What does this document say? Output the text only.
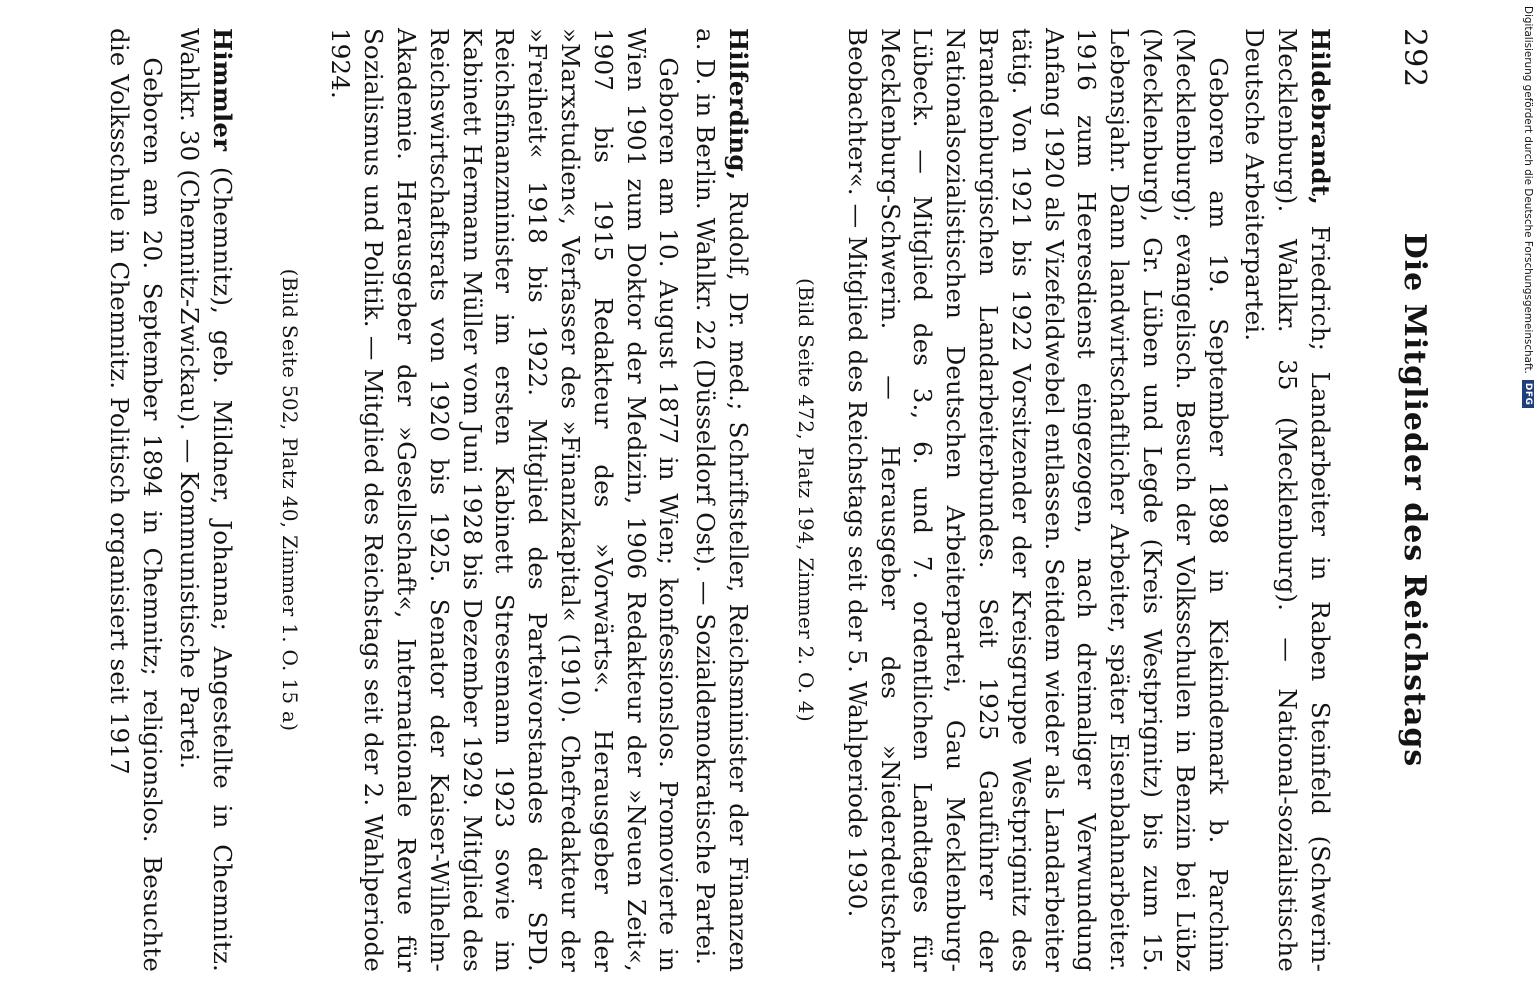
292
Die Mitglieder des Reichstags

Hildebrandt, Friedrich; Landarbeiter in Raben Steinfeld (Schwerin-Mecklenburg). Wahlkr. 35 (Mecklenburg). — National-sozialistische Deutsche Arbeiterpartei.

Geboren am 19. September 1898 in Kiekindemark b. Parchim (Mecklenburg); evangelisch. Besuch der Volksschulen in Benzin bei Lübz (Mecklenburg), Gr. Lüben und Legde (Kreis Westprignitz) bis zum 15. Lebensjahr. Dann landwirtschaftlicher Arbeiter, später Eisenbahnarbeiter. 1916 zum Heeresdienst eingezogen, nach dreimaliger Verwundung Anfang 1920 als Vizefeldwebel entlassen. Seitdem wieder als Landarbeiter tätig. Von 1921 bis 1922 Vorsitzender der Kreisgruppe Westprignitz des Brandenburgischen Landarbeiterbundes. Seit 1925 Gauführer der Nationalsozialistischen Deutschen Arbeiterpartei, Gau Mecklenburg-Lübeck. — Mitglied des 3., 6. und 7. ordentlichen Landtages für Mecklenburg-Schwerin. — Herausgeber des »Niederdeutscher Beobachter«. — Mitglied des Reichstags seit der 5. Wahlperiode 1930.

(Bild Seite 472, Platz 194, Zimmer 2. O. 4)

Hilferding, Rudolf, Dr. med.; Schriftsteller, Reichsminister der Finanzen a. D. in Berlin. Wahlkr. 22 (Düsseldorf Ost). — Sozialdemokratische Partei.

Geboren am 10. August 1877 in Wien; konfessionslos. Promovierte in Wien 1901 zum Doktor der Medizin, 1906 Redakteur der »Neuen Zeit«, 1907 bis 1915 Redakteur des »Vorwärts«. Herausgeber der »Marxstudien«, Verfasser des »Finanzkapital« (1910). Chefredakteur der »Freiheit« 1918 bis 1922. Mitglied des Parteivorstandes der SPD. Reichsfinanzminister im ersten Kabinett Stresemann 1923 sowie im Kabinett Hermann Müller vom Juni 1928 bis Dezember 1929. Mitglied des Reichswirtschaftsrats von 1920 bis 1925. Senator der Kaiser-Wilhelm-Akademie. Herausgeber der »Gesellschaft«, Internationale Revue für Sozialismus und Politik. — Mitglied des Reichstags seit der 2. Wahlperiode 1924.

(Bild Seite 502, Platz 40, Zimmer 1. O. 15 a)

Himmler (Chemnitz), geb. Mildner, Johanna; Angestellte in Chemnitz. Wahlkr. 30 (Chemnitz-Zwickau). — Kommunistische Partei.

Geboren am 20. September 1894 in Chemnitz; religionslos. Besuchte die Volksschule in Chemnitz. Politisch organisiert seit 1917	Digitalisierung gefördert durch die Deutsche Forschungsgemeinschaft.
DFG
